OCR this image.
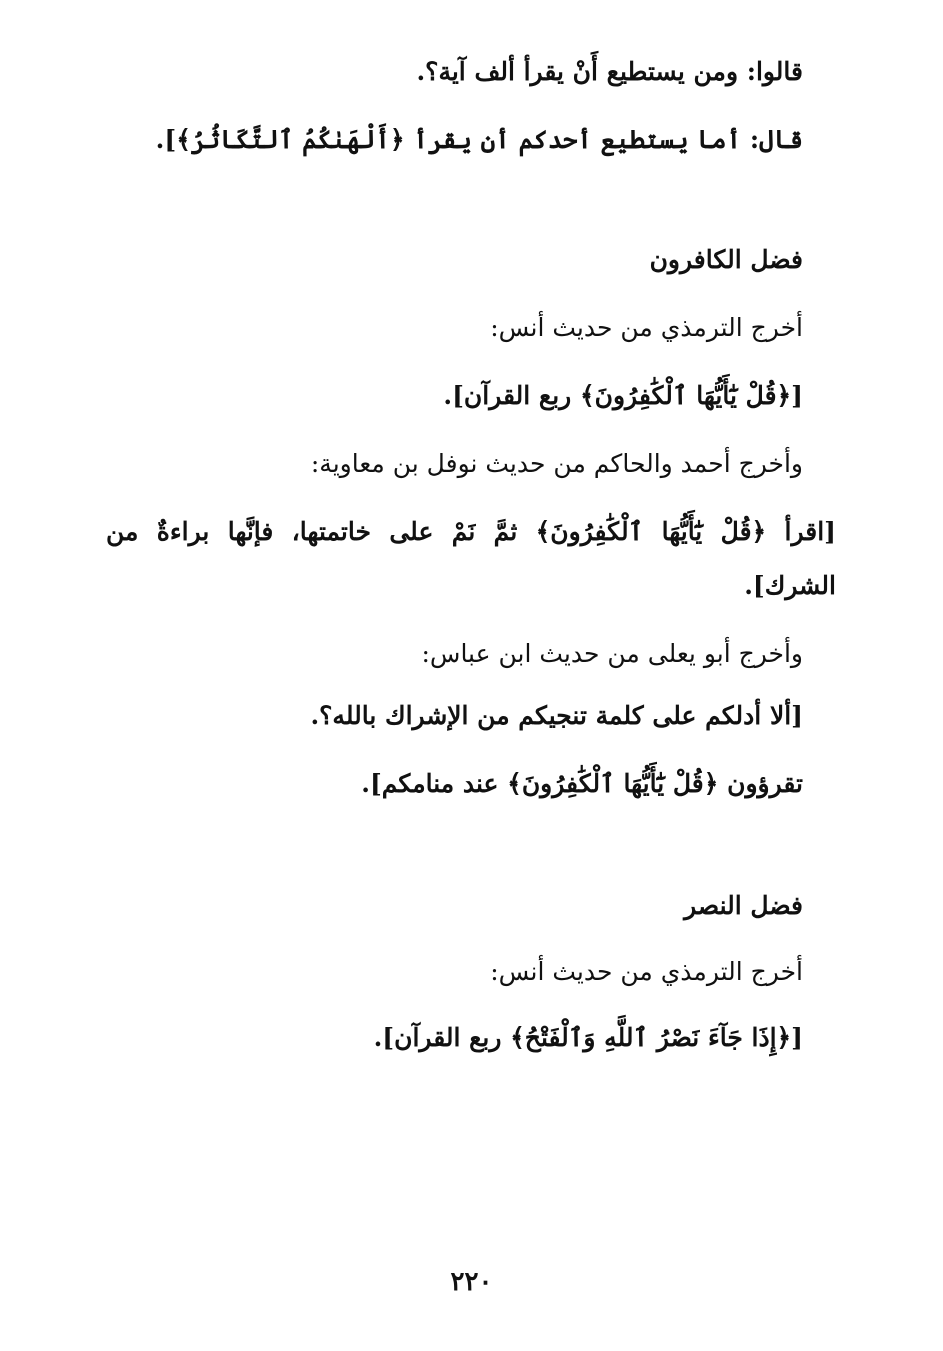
قالوا: ومن يستطيع أَنْ يقرأ ألف آية؟.
قال: أما يستطيع أحدكم أن يقرأ ﴿أَلْهَىٰكُمُ ٱلتَّكَاثُرُ﴾].
فضل الكافرون
أخرج الترمذي من حديث أنس:
[﴿قُلْ يَٰٓأَيُّهَا ٱلْكَٰفِرُونَ﴾ ربع القرآن].
وأخرج أحمد والحاكم من حديث نوفل بن معاوية:
[اقرأ ﴿قُلْ يَٰٓأَيُّهَا ٱلْكَٰفِرُونَ﴾ ثمَّ نَمْ على خاتمتها، فإنَّها براءةٌ من
الشرك].
وأخرج أبو يعلى من حديث ابن عباس:
[ألا أدلكم على كلمة تنجيكم من الإشراك بالله؟.
تقرؤون ﴿قُلْ يَٰٓأَيُّهَا ٱلْكَٰفِرُونَ﴾ عند منامكم].
فضل النصر
أخرج الترمذي من حديث أنس:
[﴿إِذَا جَآءَ نَصْرُ ٱللَّهِ وَٱلْفَتْحُ﴾ ربع القرآن].
٢٢٠
